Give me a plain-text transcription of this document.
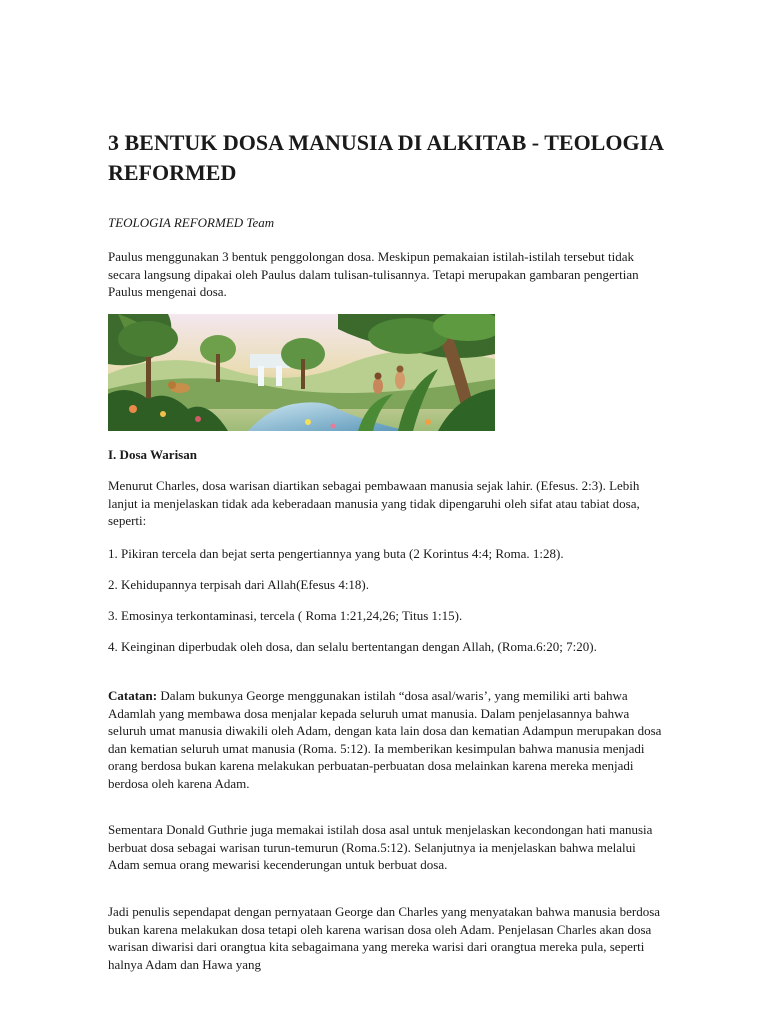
3 BENTUK DOSA MANUSIA DI ALKITAB - TEOLOGIA REFORMED
TEOLOGIA REFORMED Team

Paulus menggunakan 3 bentuk penggolongan dosa. Meskipun pemakaian istilah-istilah tersebut tidak secara langsung dipakai oleh Paulus dalam tulisan-tulisannya. Tetapi merupakan gambaran pengertian Paulus mengenai dosa.

I. Dosa Warisan

Menurut Charles, dosa warisan diartikan sebagai pembawaan manusia sejak lahir. (Efesus. 2:3). Lebih lanjut ia menjelaskan tidak ada keberadaan manusia yang tidak dipengaruhi oleh sifat atau tabiat dosa, seperti:

1. Pikiran tercela dan bejat serta pengertiannya yang buta (2 Korintus 4:4; Roma. 1:28).

2. Kehidupannya terpisah dari Allah(Efesus 4:18).

3. Emosinya terkontaminasi, tercela ( Roma 1:21,24,26; Titus 1:15).

4. Keinginan diperbudak oleh dosa, dan selalu bertentangan dengan Allah, (Roma.6:20; 7:20).

Catatan: Dalam bukunya George menggunakan istilah “dosa asal/waris’, yang memiliki arti bahwa Adamlah yang membawa dosa menjalar kepada seluruh umat manusia. Dalam penjelasannya bahwa seluruh umat manusia diwakili oleh Adam, dengan kata lain dosa dan kematian Adampun merupakan dosa dan kematian seluruh umat manusia (Roma. 5:12). Ia memberikan kesimpulan bahwa manusia menjadi orang berdosa bukan karena melakukan perbuatan-perbuatan dosa melainkan karena mereka menjadi berdosa oleh karena Adam.

Sementara Donald Guthrie juga memakai istilah dosa asal untuk menjelaskan kecondongan hati manusia berbuat dosa sebagai warisan turun-temurun (Roma.5:12). Selanjutnya ia menjelaskan bahwa melalui Adam semua orang mewarisi kecenderungan untuk berbuat dosa.

Jadi penulis sependapat dengan pernyataan George dan Charles yang menyatakan bahwa manusia berdosa bukan karena melakukan dosa tetapi oleh karena warisan dosa oleh Adam. Penjelasan Charles akan dosa warisan diwarisi dari orangtua kita sebagaimana yang mereka warisi dari orangtua mereka pula, seperti halnya Adam dan Hawa yang
